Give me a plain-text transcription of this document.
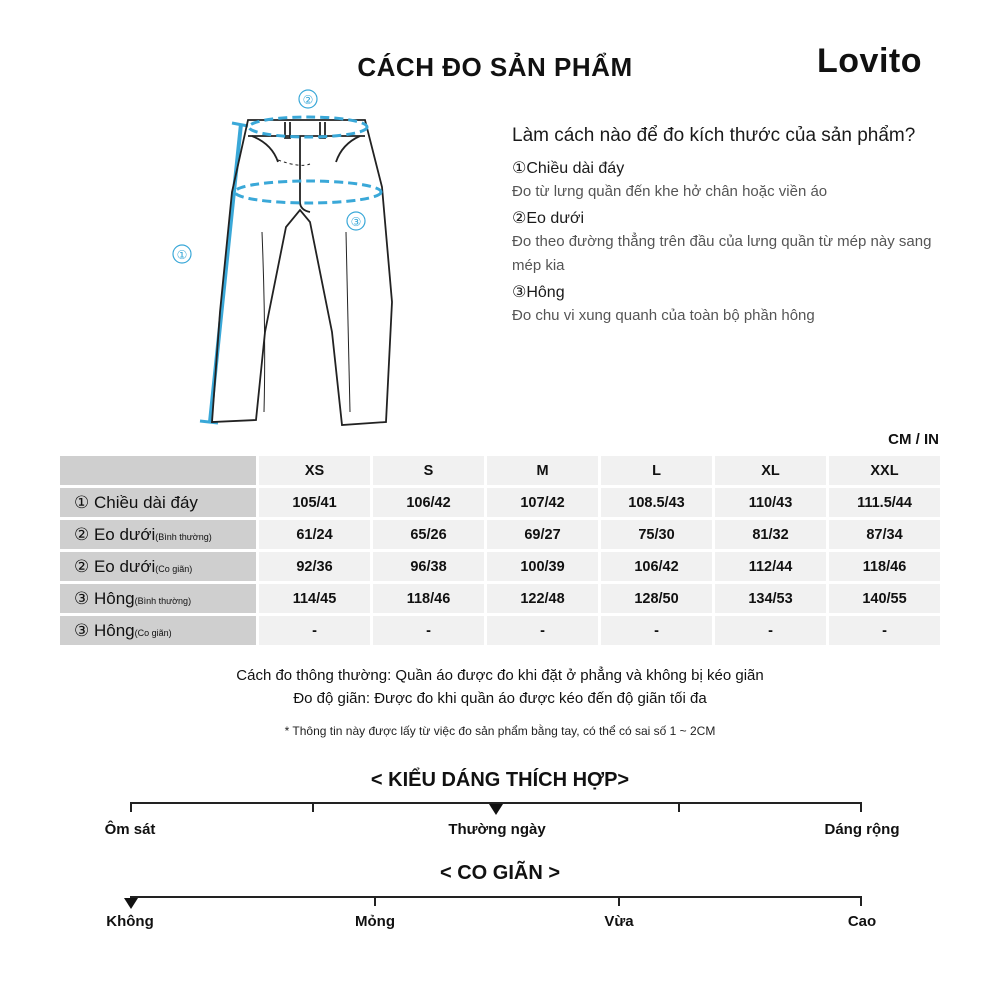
CÁCH ĐO SẢN PHẨM	Lovito
①
②
③
Làm cách nào để đo kích thước của sản phẩm?
①Chiều dài đáy
Đo từ lưng quần đến khe hở chân hoặc viền áo
②Eo dưới
Đo theo đường thẳng trên đầu của lưng quần từ mép này sang mép kia
③Hông
Đo chu vi xung quanh của toàn bộ phần hông
CM / IN
	XS	S	M	L	XL	XXL
① Chiều dài đáy	105/41	106/42	107/42	108.5/43	110/43	111.5/44
② Eo dưới(Bình thường)	61/24	65/26	69/27	75/30	81/32	87/34
② Eo dưới(Co giãn)	92/36	96/38	100/39	106/42	112/44	118/46
③ Hông(Bình thường)	114/45	118/46	122/48	128/50	134/53	140/55
③ Hông(Co giãn)	-	-	-	-	-	-
Cách đo thông thường: Quần áo được đo khi đặt ở phẳng và không bị kéo giãn
Đo độ giãn: Được đo khi quần áo được kéo đến độ giãn tối đa
* Thông tin này được lấy từ việc đo sản phẩm bằng tay, có thể có sai số 1 ~ 2CM
< KIỂU DÁNG THÍCH HỢP>
Ôm sát	Thường ngày	Dáng rộng
< CO GIÃN >
Không	Mỏng	Vừa	Cao
